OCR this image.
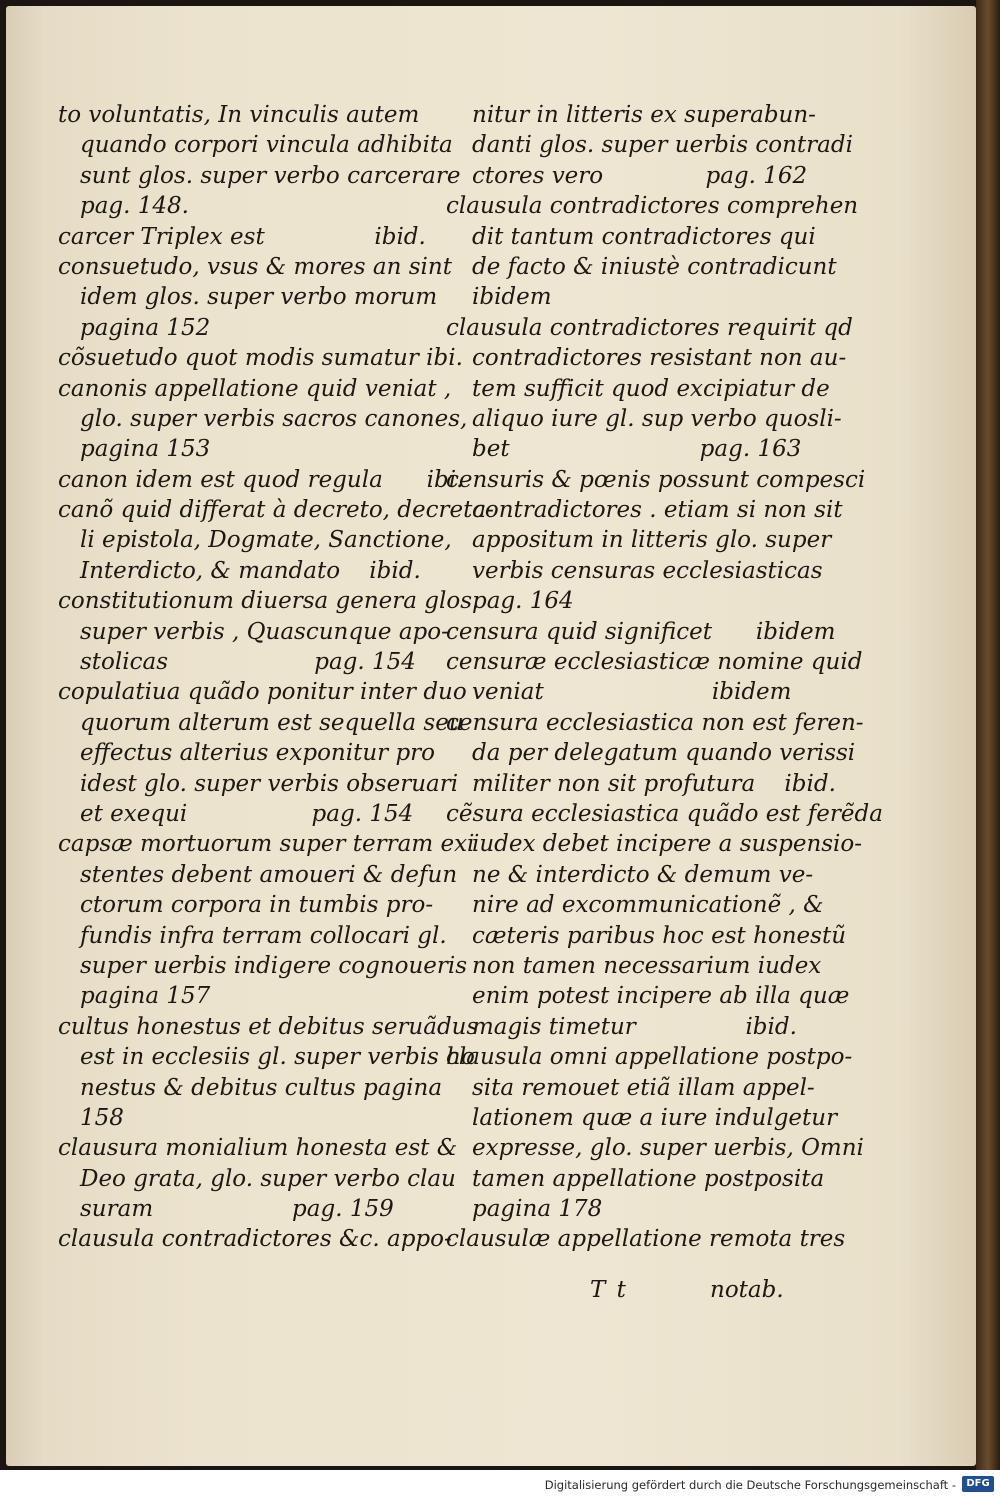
to voluntatis, In vinculis autem
quando corpori vincula adhibita
sunt glos. super verbo carcerare
pag. 148.
carcer Triplex est               ibid.
consuetudo, vsus & mores an sint
idem glos. super verbo morum
pagina 152
cõsuetudo quot modis sumatur ibi.
canonis appellatione quid veniat ,
glo. super verbis sacros canones,
pagina 153
canon idem est quod regula      ibi.
canõ quid differat à decreto, decreta-
li epistola, Dogmate, Sanctione,
Interdicto, & mandato    ibid.
constitutionum diuersa genera glos.
super verbis , Quascunque apo-
stolicas                    pag. 154
copulatiua quãdo ponitur inter duo
quorum alterum est sequella seu
effectus alterius exponitur pro
idest glo. super verbis obseruari
et exequi                 pag. 154
capsæ mortuorum super terram exi
stentes debent amoueri & defun
ctorum corpora in tumbis pro-
fundis infra terram collocari gl.
super uerbis indigere cognoueris
pagina 157
cultus honestus et debitus seruãdus
est in ecclesiis gl. super verbis ho
nestus & debitus cultus pagina
158
clausura monialium honesta est &
Deo grata, glo. super verbo clau
suram                   pag. 159
clausula contradictores &c. appo-
nitur in litteris ex superabun-
danti glos. super uerbis contradi
ctores vero              pag. 162
clausula contradictores comprehen
dit tantum contradictores qui
de facto & iniustè contradicunt
ibidem
clausula contradictores requirit qd
contradictores resistant non au-
tem sufficit quod excipiatur de
aliquo iure gl. sup verbo quosli-
bet                          pag. 163
censuris & pœnis possunt compesci
contradictores . etiam si non sit
appositum in litteris glo. super
verbis censuras ecclesiasticas
pag. 164
censura quid significet      ibidem
censuræ ecclesiasticæ nomine quid
veniat                       ibidem
censura ecclesiastica non est feren-
da per delegatum quando verissi
militer non sit profutura    ibid.
cẽsura ecclesiastica quãdo est ferẽda
iudex debet incipere a suspensio-
ne & interdicto & demum ve-
nire ad excommunicationẽ , &
cæteris paribus hoc est honestũ
non tamen necessarium iudex
enim potest incipere ab illa quæ
magis timetur               ibid.
clausula omni appellatione postpo-
sita remouet etiã illam appel-
lationem quæ a iure indulgetur
expresse, glo. super uerbis, Omni
tamen appellatione postposita
pagina 178
clausulæ appellatione remota tres
T t	notab.
Digitalisierung gefördert durch die Deutsche Forschungsgemeinschaft -	DFG
